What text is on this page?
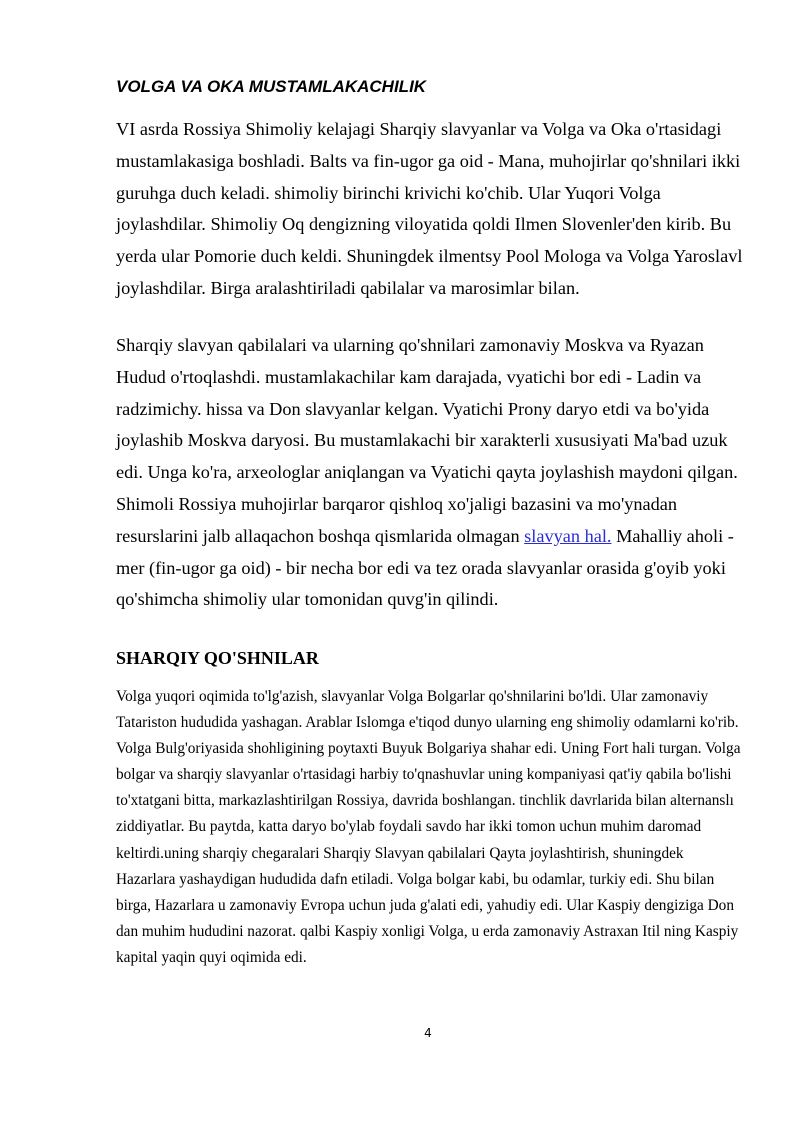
VOLGA VA OKA MUSTAMLAKACHILIK

VI asrda Rossiya Shimoliy kelajagi Sharqiy slavyanlar va Volga va Oka o'rtasidagi mustamlakasiga boshladi. Balts va fin-ugor ga oid - Mana, muhojirlar qo'shnilari ikki guruhga duch keladi. shimoliy birinchi krivichi ko'chib. Ular Yuqori Volga joylashdilar. Shimoliy Oq dengizning viloyatida qoldi Ilmen Slovenler'den kirib. Bu yerda ular Pomorie duch keldi. Shuningdek ilmentsy Pool Mologa va Volga Yaroslavl joylashdilar. Birga aralashtiriladi qabilalar va marosimlar bilan.

Sharqiy slavyan qabilalari va ularning qo'shnilari zamonaviy Moskva va Ryazan Hudud o'rtoqlashdi. mustamlakachilar kam darajada, vyatichi bor edi - Ladin va radzimichy. hissa va Don slavyanlar kelgan. Vyatichi Prony daryo etdi va bo'yida joylashib Moskva daryosi. Bu mustamlakachi bir xarakterli xususiyati Ma'bad uzuk edi. Unga ko'ra, arxeologlar aniqlangan va Vyatichi qayta joylashish maydoni qilgan. Shimoli Rossiya muhojirlar barqaror qishloq xo'jaligi bazasini va mo'ynadan resurslarini jalb allaqachon boshqa qismlarida olmagan slavyan hal. Mahalliy aholi - mer (fin-ugor ga oid) - bir necha bor edi va tez orada slavyanlar orasida g'oyib yoki qo'shimcha shimoliy ular tomonidan quvg'in qilindi.

SHARQIY QO'SHNILAR

Volga yuqori oqimida to'lg'azish, slavyanlar Volga Bolgarlar qo'shnilarini bo'ldi. Ular zamonaviy Tatariston hududida yashagan. Arablar Islomga e'tiqod dunyo ularning eng shimoliy odamlarni ko'rib. Volga Bulg'oriyasida shohligining poytaxti Buyuk Bolgariya shahar edi. Uning Fort hali turgan. Volga bolgar va sharqiy slavyanlar o'rtasidagi harbiy to'qnashuvlar uning kompaniyasi qat'iy qabila bo'lishi to'xtatgani bitta, markazlashtirilgan Rossiya, davrida boshlangan. tinchlik davrlarida bilan alternanslı ziddiyatlar. Bu paytda, katta daryo bo'ylab foydali savdo har ikki tomon uchun muhim daromad keltirdi.uning sharqiy chegaralari Sharqiy Slavyan qabilalari Qayta joylashtirish, shuningdek Hazarlara yashaydigan hududida dafn etiladi. Volga bolgar kabi, bu odamlar, turkiy edi. Shu bilan birga, Hazarlara u zamonaviy Evropa uchun juda g'alati edi, yahudiy edi. Ular Kaspiy dengiziga Don dan muhim hududini nazorat. qalbi Kaspiy xonligi Volga, u erda zamonaviy Astraxan Itil ning Kaspiy kapital yaqin quyi oqimida edi.

4
